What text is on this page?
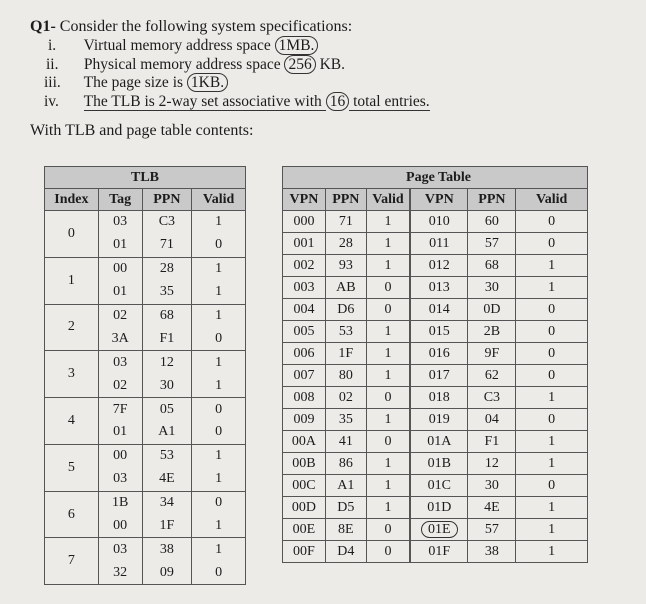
Q1- Consider the following system specifications:
i. Virtual memory address space 1MB.
ii. Physical memory address space 256 KB.
iii. The page size is 1KB.
iv. The TLB is 2-way set associative with 16 total entries.
With TLB and page table contents:
TLB			
Index	Tag	PPN	Valid
0	03	C3	1
	01	71	0
1	00	28	1
	01	35	1
2	02	68	1
	3A	F1	0
3	03	12	1
	02	30	1
4	7F	05	0
	01	A1	0
5	00	53	1
	03	4E	1
6	1B	34	0
	00	1F	1
7	03	38	1
	32	09	0
Page Table					
VPN	PPN	Valid	VPN	PPN	Valid
000	71	1	010	60	0
001	28	1	011	57	0
002	93	1	012	68	1
003	AB	0	013	30	1
004	D6	0	014	0D	0
005	53	1	015	2B	0
006	1F	1	016	9F	0
007	80	1	017	62	0
008	02	0	018	C3	1
009	35	1	019	04	0
00A	41	0	01A	F1	1
00B	86	1	01B	12	1
00C	A1	1	01C	30	0
00D	D5	1	01D	4E	1
00E	8E	0	01E	57	1
00F	D4	0	01F	38	1
